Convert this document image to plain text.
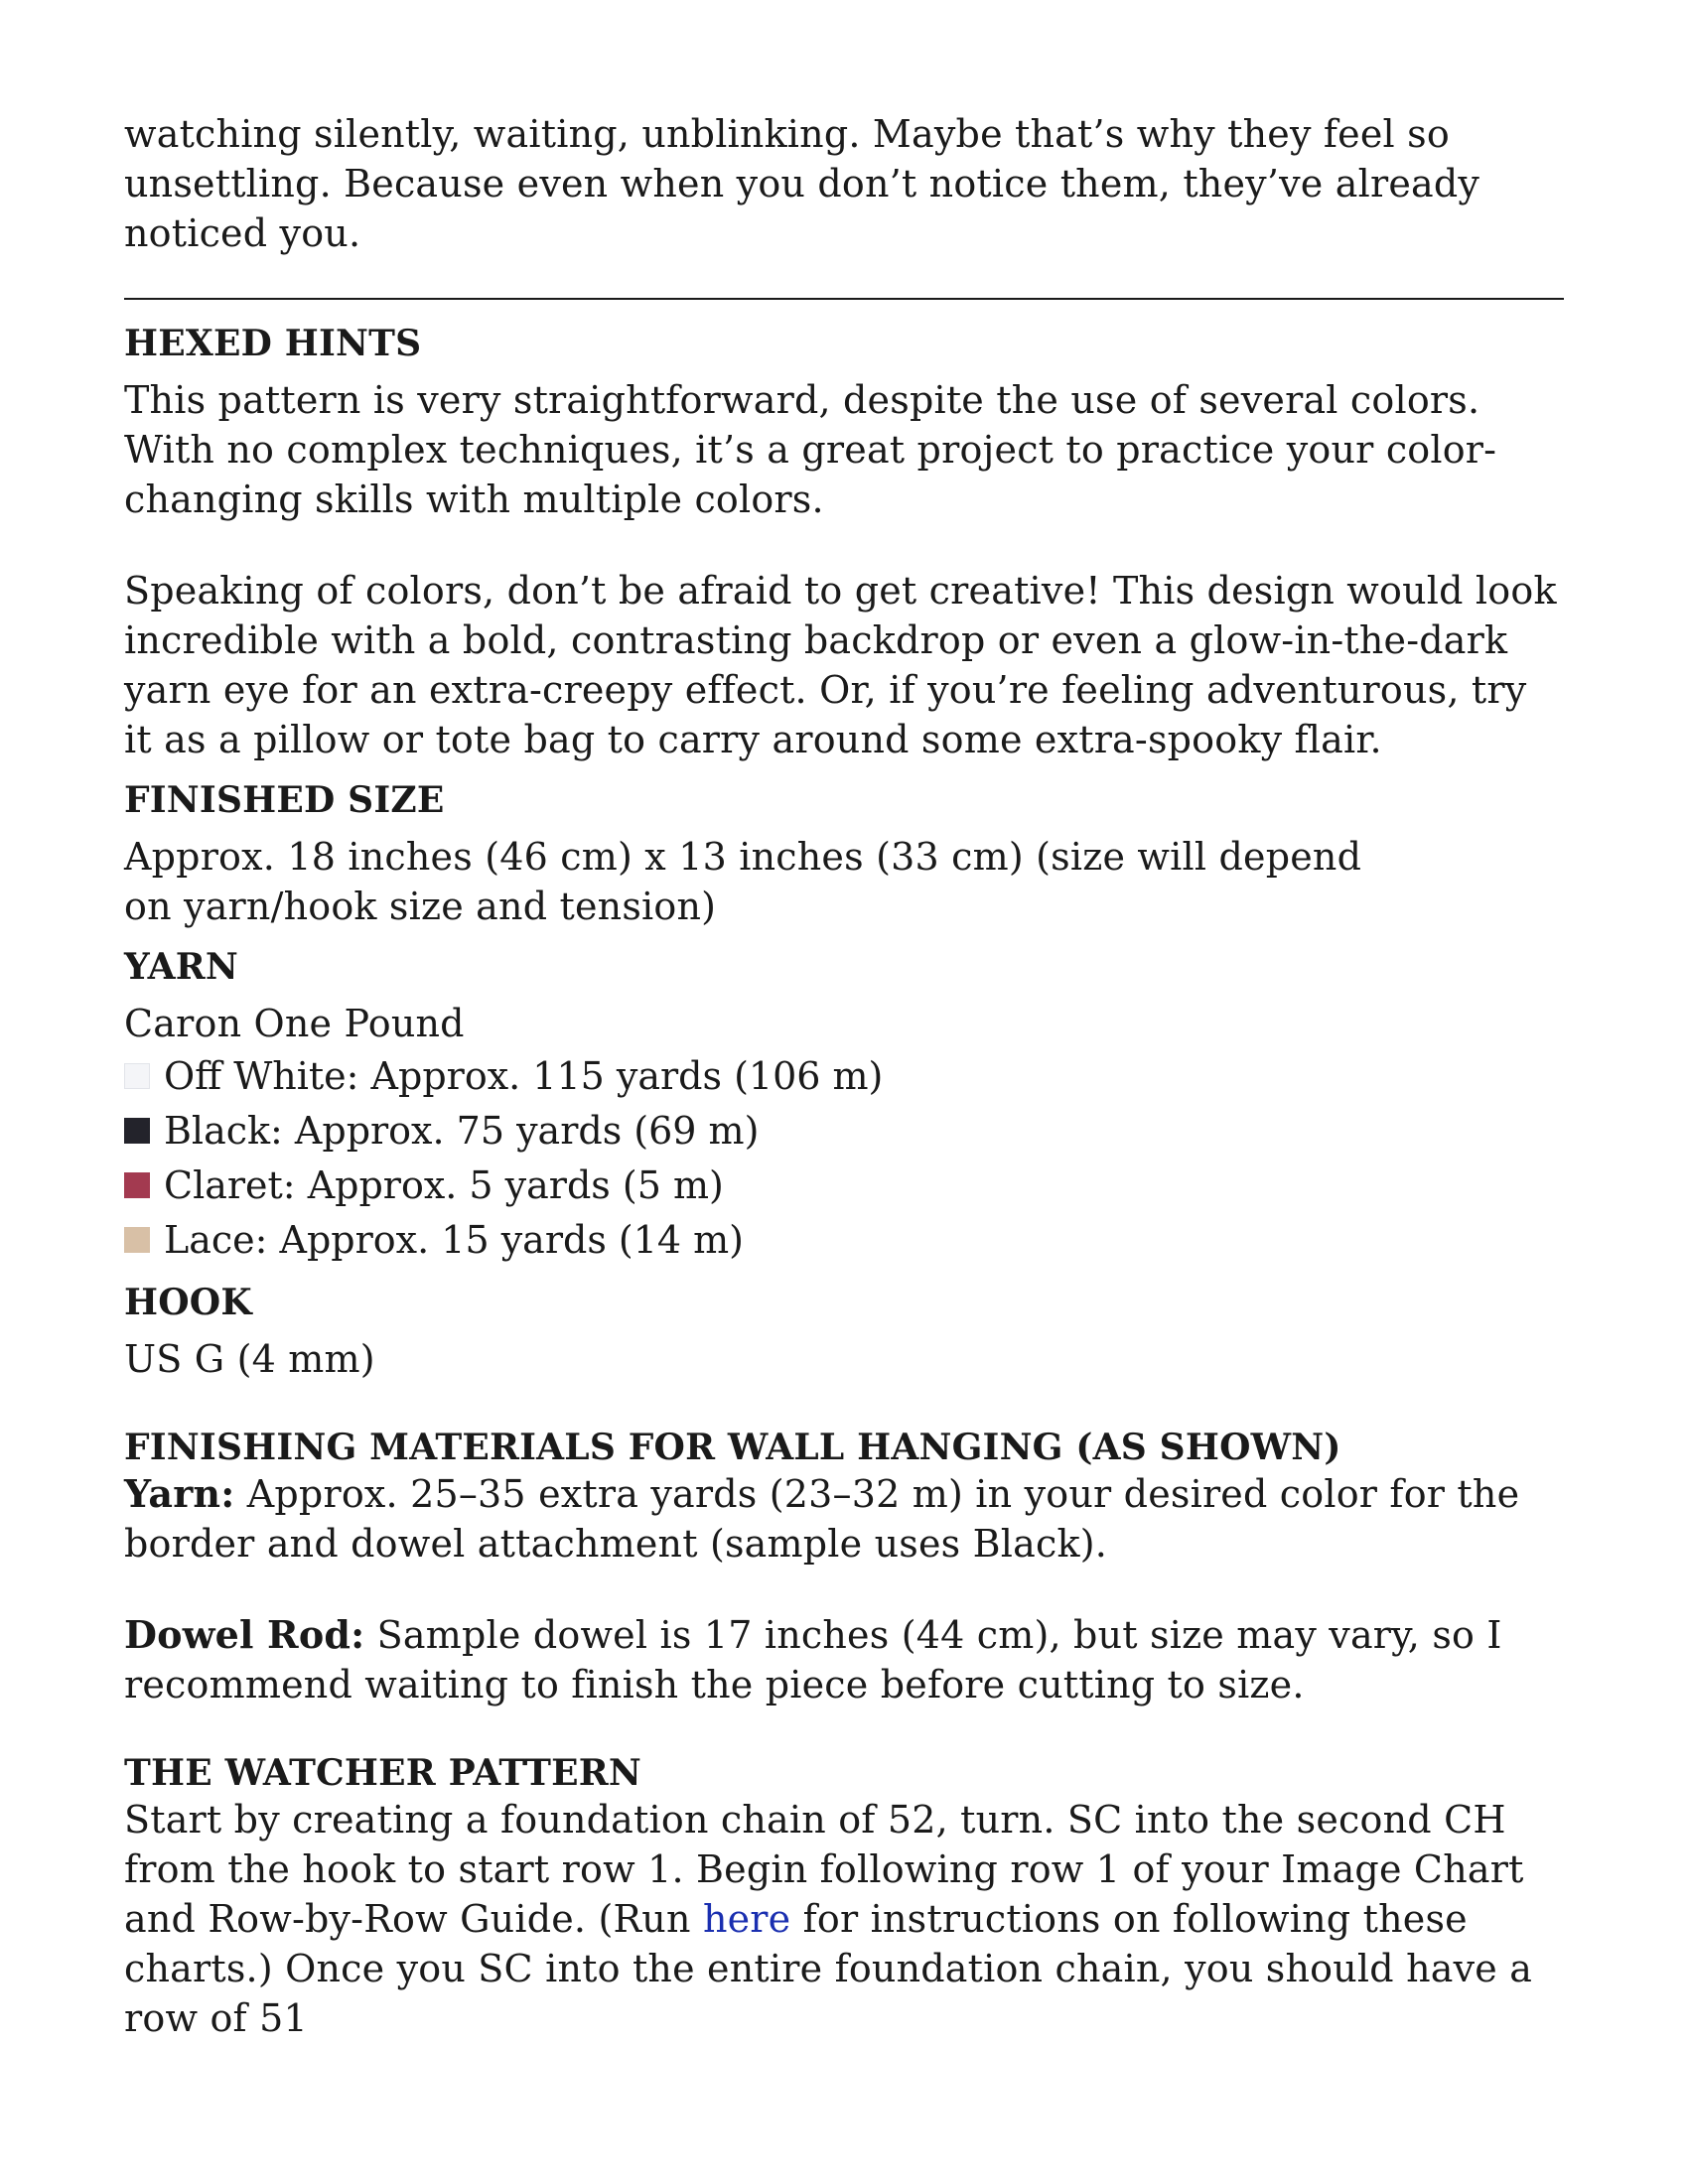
watching silently, waiting, unblinking. Maybe that’s why they feel so unsettling. Because even when you don’t notice them, they’ve already noticed you.

HEXED HINTS

This pattern is very straightforward, despite the use of several colors. With no complex techniques, it’s a great project to practice your color-changing skills with multiple colors.

Speaking of colors, don’t be afraid to get creative! This design would look incredible with a bold, contrasting backdrop or even a glow-in-the-dark yarn eye for an extra-creepy effect. Or, if you’re feeling adventurous, try it as a pillow or tote bag to carry around some extra-spooky flair.

FINISHED SIZE

Approx. 18 inches (46 cm) x 13 inches (33 cm) (size will depend on yarn/hook size and tension)

YARN

Caron One Pound

Off White: Approx. 115 yards (106 m)
Black: Approx. 75 yards (69 m)
Claret: Approx. 5 yards (5 m)
Lace: Approx. 15 yards (14 m)
HOOK

US G (4 mm)

FINISHING MATERIALS FOR WALL HANGING (AS SHOWN)

Yarn: Approx. 25–35 extra yards (23–32 m) in your desired color for the border and dowel attachment (sample uses Black).

Dowel Rod: Sample dowel is 17 inches (44 cm), but size may vary, so I recommend waiting to finish the piece before cutting to size.

THE WATCHER PATTERN

Start by creating a foundation chain of 52, turn. SC into the second CH from the hook to start row 1. Begin following row 1 of your Image Chart and Row-by-Row Guide. (Run here for instructions on following these charts.) Once you SC into the entire foundation chain, you should have a row of 51
